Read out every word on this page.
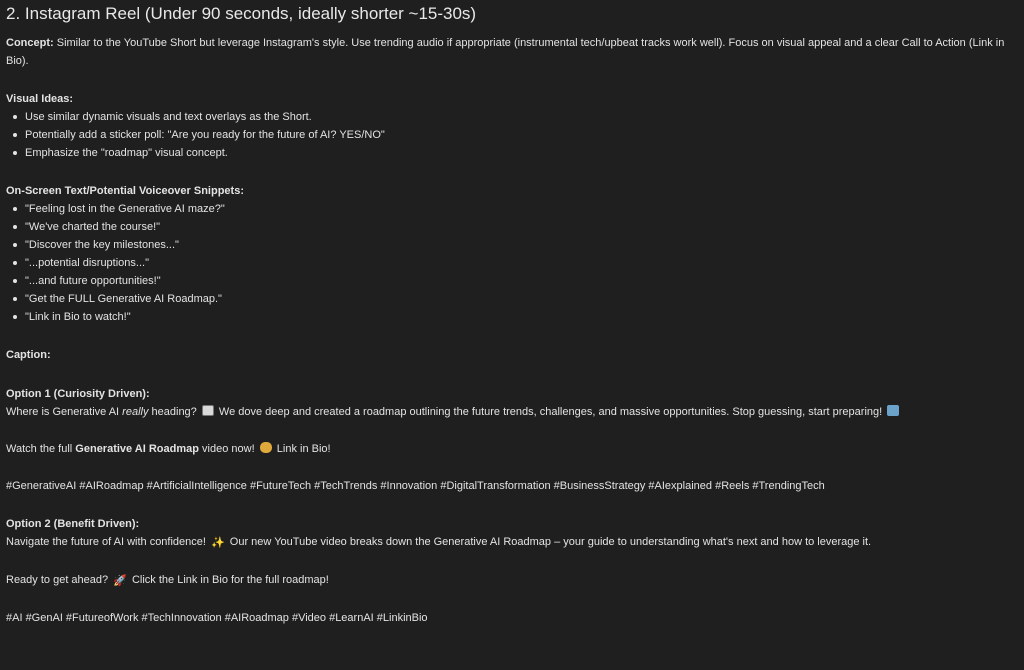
2. Instagram Reel (Under 90 seconds, ideally shorter ~15-30s)

Concept: Similar to the YouTube Short but leverage Instagram's style. Use trending audio if appropriate (instrumental tech/upbeat tracks work well). Focus on visual appeal and a clear Call to Action (Link in Bio).

Visual Ideas:

Use similar dynamic visuals and text overlays as the Short.
Potentially add a sticker poll: "Are you ready for the future of AI? YES/NO"
Emphasize the "roadmap" visual concept.

On-Screen Text/Potential Voiceover Snippets:

"Feeling lost in the Generative AI maze?"
"We've charted the course!"
"Discover the key milestones..."
"...potential disruptions..."
"...and future opportunities!"
"Get the FULL Generative AI Roadmap."
"Link in Bio to watch!"

Caption:

Option 1 (Curiosity Driven):

Where is Generative AI really heading?  We dove deep and created a roadmap outlining the future trends, challenges, and massive opportunities. Stop guessing, start preparing!

Watch the full Generative AI Roadmap video now!  Link in Bio!

#GenerativeAI #AIRoadmap #ArtificialIntelligence #FutureTech #TechTrends #Innovation #DigitalTransformation #BusinessStrategy #AIexplained #Reels #TrendingTech

Option 2 (Benefit Driven):

Navigate the future of AI with confidence! ✨ Our new YouTube video breaks down the Generative AI Roadmap – your guide to understanding what's next and how to leverage it.

Ready to get ahead? 🚀 Click the Link in Bio for the full roadmap!

#AI #GenAI #FutureofWork #TechInnovation #AIRoadmap #Video #LearnAI #LinkinBio
